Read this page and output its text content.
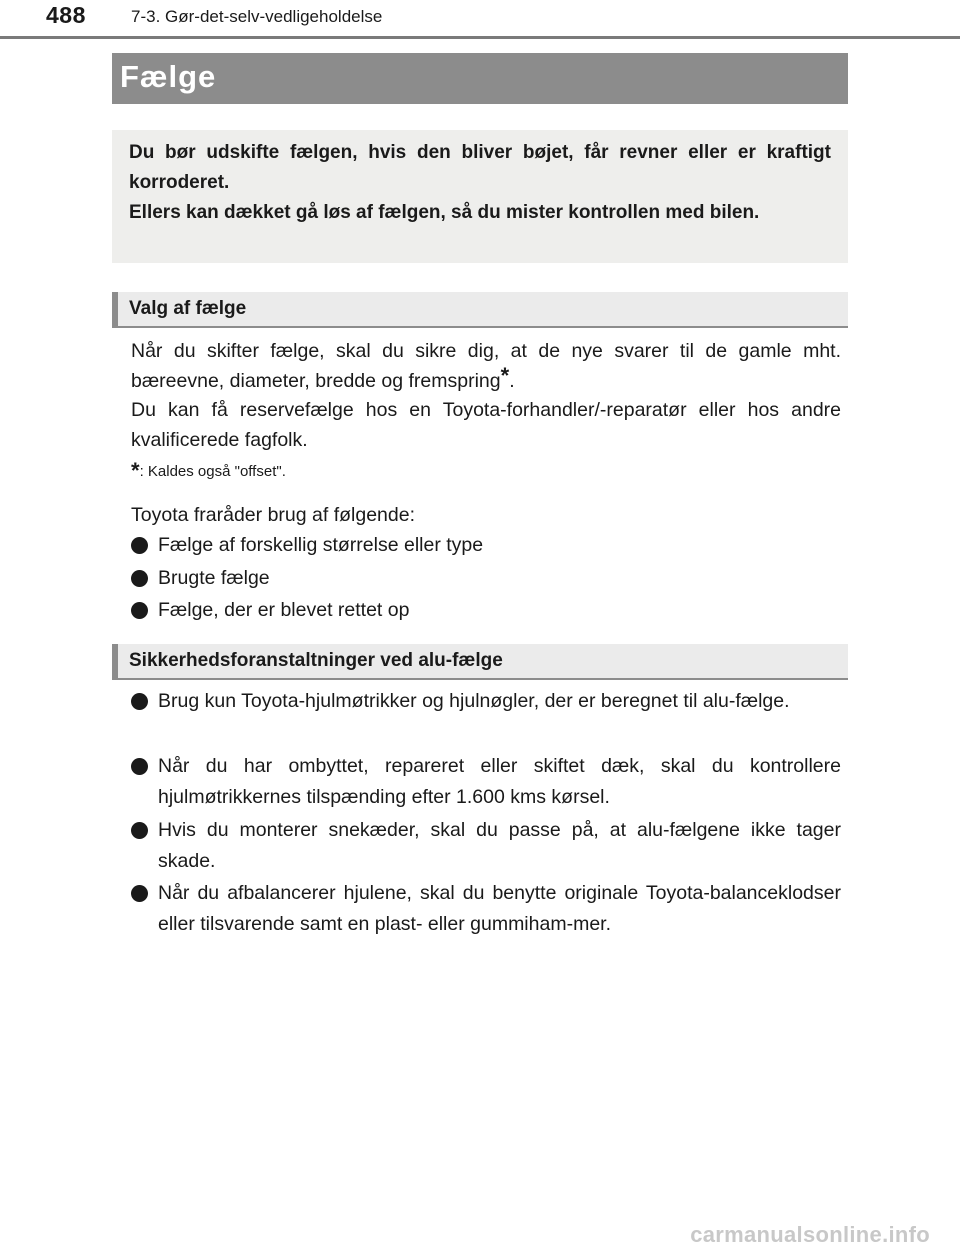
488	7-3. Gør-det-selv-vedligeholdelse
Fælge

Du bør udskifte fælgen, hvis den bliver bøjet, får revner eller er kraftigt korroderet.

Ellers kan dækket gå løs af fælgen, så du mister kontrollen med bilen.

Valg af fælge

Når du skifter fælge, skal du sikre dig, at de nye svarer til de gamle mht. bæreevne, diameter, bredde og fremspring*.

Du kan få reservefælge hos en Toyota-forhandler/-reparatør eller hos andre kvalificerede fagfolk.

*: Kaldes også "offset".

Toyota fraråder brug af følgende:

Fælge af forskellig størrelse eller type
Brugte fælge
Fælge, der er blevet rettet op
Sikkerhedsforanstaltninger ved alu-fælge
Brug kun Toyota-hjulmøtrikker og hjulnøgler, der er beregnet til alu-fælge.
Når du har ombyttet, repareret eller skiftet dæk, skal du kontrollere hjulmøtrikkernes tilspænding efter 1.600 kms kørsel.
Hvis du monterer snekæder, skal du passe på, at alu-fælgene ikke tager skade.
Når du afbalancerer hjulene, skal du benytte originale Toyota-balanceklodser eller tilsvarende samt en plast- eller gummiham-mer.
carmanualsonline.info
